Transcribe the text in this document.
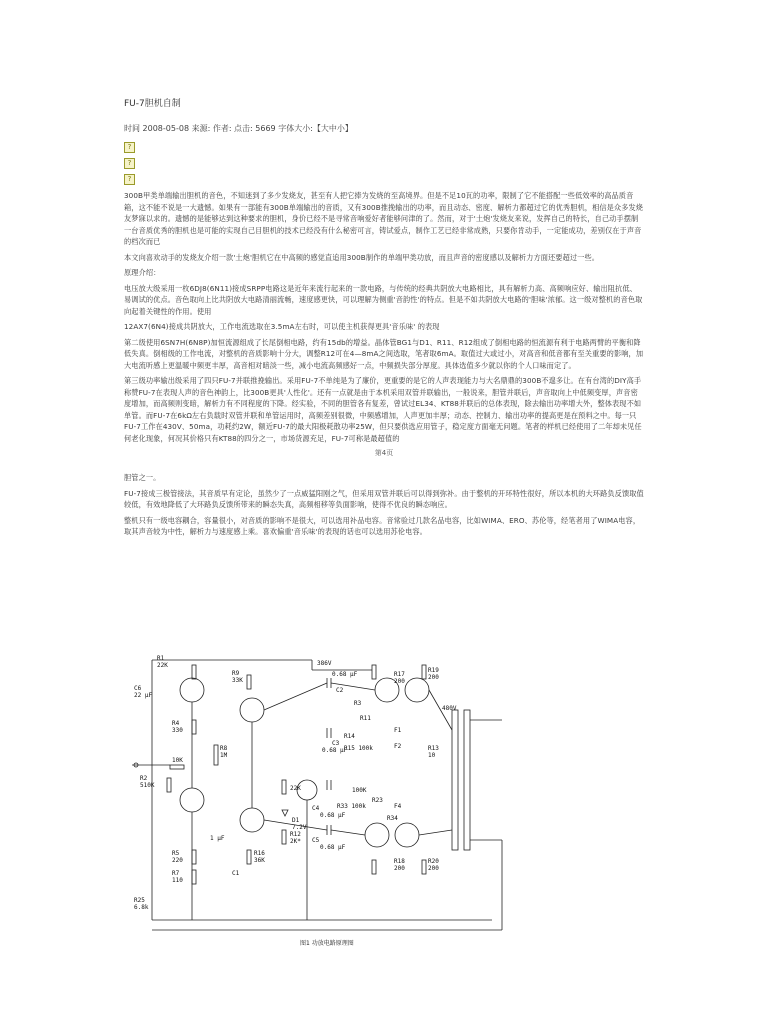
FU-7胆机自制
时间 2008-05-08 来源: 作者: 点击: 5669 字体大小:【大中小】
?
?
?

300B甲类单端输出胆机的音色，不知迷到了多少发烧友，甚至有人把它捧为发烧的至高境界。但是不足10瓦的功率，限制了它不能搭配一些低效率的高品质音箱，这不能不说是一大遗憾。如果有一部能有300B单端输出的音质，又有300B推挽输出的功率，而且动态、密度、解析力都超过它的优秀胆机，相信是众多发烧友梦寐以求的。遗憾的是能够达到这种要求的胆机，身价已经不是寻常音响爱好者能够问津的了。然而，对于'土炮'发烧友来说，发挥自己的特长，自己动手摆制一台音质优秀的胆机也是可能的实现自己目胆机的技术已经没有什么秘密可言，铸试爱点，制作工艺已经非常成熟，只要你肯动手，一定能成功，差别仅在于声音的档次而已

本文向喜欢动手的发烧友介绍一款'土炮'胆机它在中高频的感觉直追用300B制作的单端甲类功放，而且声音的密度感以及解析力方面还要超过一些。

原理介绍：

电压放大级采用一枚6DJ8(6N11)接成SRPP电路这是近年来流行起来的一款电路，与传统的经典共阴放大电路相比，具有解析力高、高频响应好、输出阻抗低、易调试的优点。音色取向上比共阴放大电路清丽流畅，速度感更快，可以理解为侧重'音韵性'的特点。但是不如共阴放大电路的'胆味'浓郁。这一级对整机的音色取向起着关键性的作用。使用

12AX7(6N4)接成共阴放大，工作电流选取在3.5mA左右时，可以使主机获得更具'音乐味' 的表现

第二级使用6SN7H(6N8P)加恒流源组成了长尾倒相电路，约有15db的增益。晶体管BG1与D1、R11、R12组成了倒相电路的恒流源有利于电路两臂的平衡和降低失真。倒相级的工作电流，对整机的音质影响十分大，调整R12可在4—8mA之间选取，笔者取6mA。取值过大或过小，对高音和低音都有至关重要的影响，加大电流听感上更温暖中频更丰厚，高音相对暗淡一些，减小电流高频感好一点，中频损失部分厚度。具体选值多少就以你的个人口味而定了。

第三级功率输出级采用了四只FU-7并联推挽输出。采用FU-7不单纯是为了廉价，更重要的是它的人声表现能力与大名鼎鼎的300B不遑多让。在有台湾的DIY高手称赞FU-7在表现人声的音色神韵上，比300B更具'人性化'。还有一点就是由于本机采用双管并联输出，一般说来，胆管并联后，声音取向上中低频变厚，声音密度增加，而高频则变暗，解析力有不同程度的下降。经实验，不同的胆管各有复差，曾试过EL34、KT88并联后的总体表现，除去输出功率增大外，整体表现不如单管。而FU-7在6kΩ左右负载时双管并联和单管运用时，高频差别很微，中频感增加，人声更加丰厚；动态、控制力、输出功率的提高更是在预料之中。每一只FU-7工作在430V、50ma，功耗约2W，额近FU-7的最大阳极耗散功率25W，但只要供选应用管子，稳定度方面毫无问题。笔者的样机已经使用了二年却未见任何老化现象，何况其价格只有KT88的四分之一，市场货源充足，FU-7可称是最超值的

第4页

胆管之一。

FU-7接成三极管接法，其音质早有定论，虽然少了一点威猛阳刚之气，但采用双管并联后可以得到弥补。由于整机的开环特性很好，所以本机的大环路负反馈取值较低，有效地降低了大环路负反馈所带来的瞬态失真，高频相移等负面影响，使得不优良的瞬态响应。

整机只有一级电容耦合，容量很小，对音质的影响不是很大，可以选用补品电容。音常验过几款名品电容，比如WIMA、ERO、苏伦等，经笔者用了WIMA电容，取其声音较为中性，解析力与速度感上乘。喜欢偏重'音乐味'的表现的话也可以选用苏伦电容。

R1
22K
C6
22 μF
R9
33K
R4
330
R8
1M
R2
510K
10K
R5
220
R7
110
R25
6.8k
1 μF
C1
R16
36K
22K
D1
7.2V
R12
2K* C5
0.68 μF
C4
0.68 μF
0.68 μF
C2
C3
0.68 μF
386V
R17
200
R19
200
R18
200
R20
200
R3
R34
480V
R13
10
R15 100k
R14
R11
R23
R33 100k
100K
F1
F2
F4
图1 功放电路原理图
